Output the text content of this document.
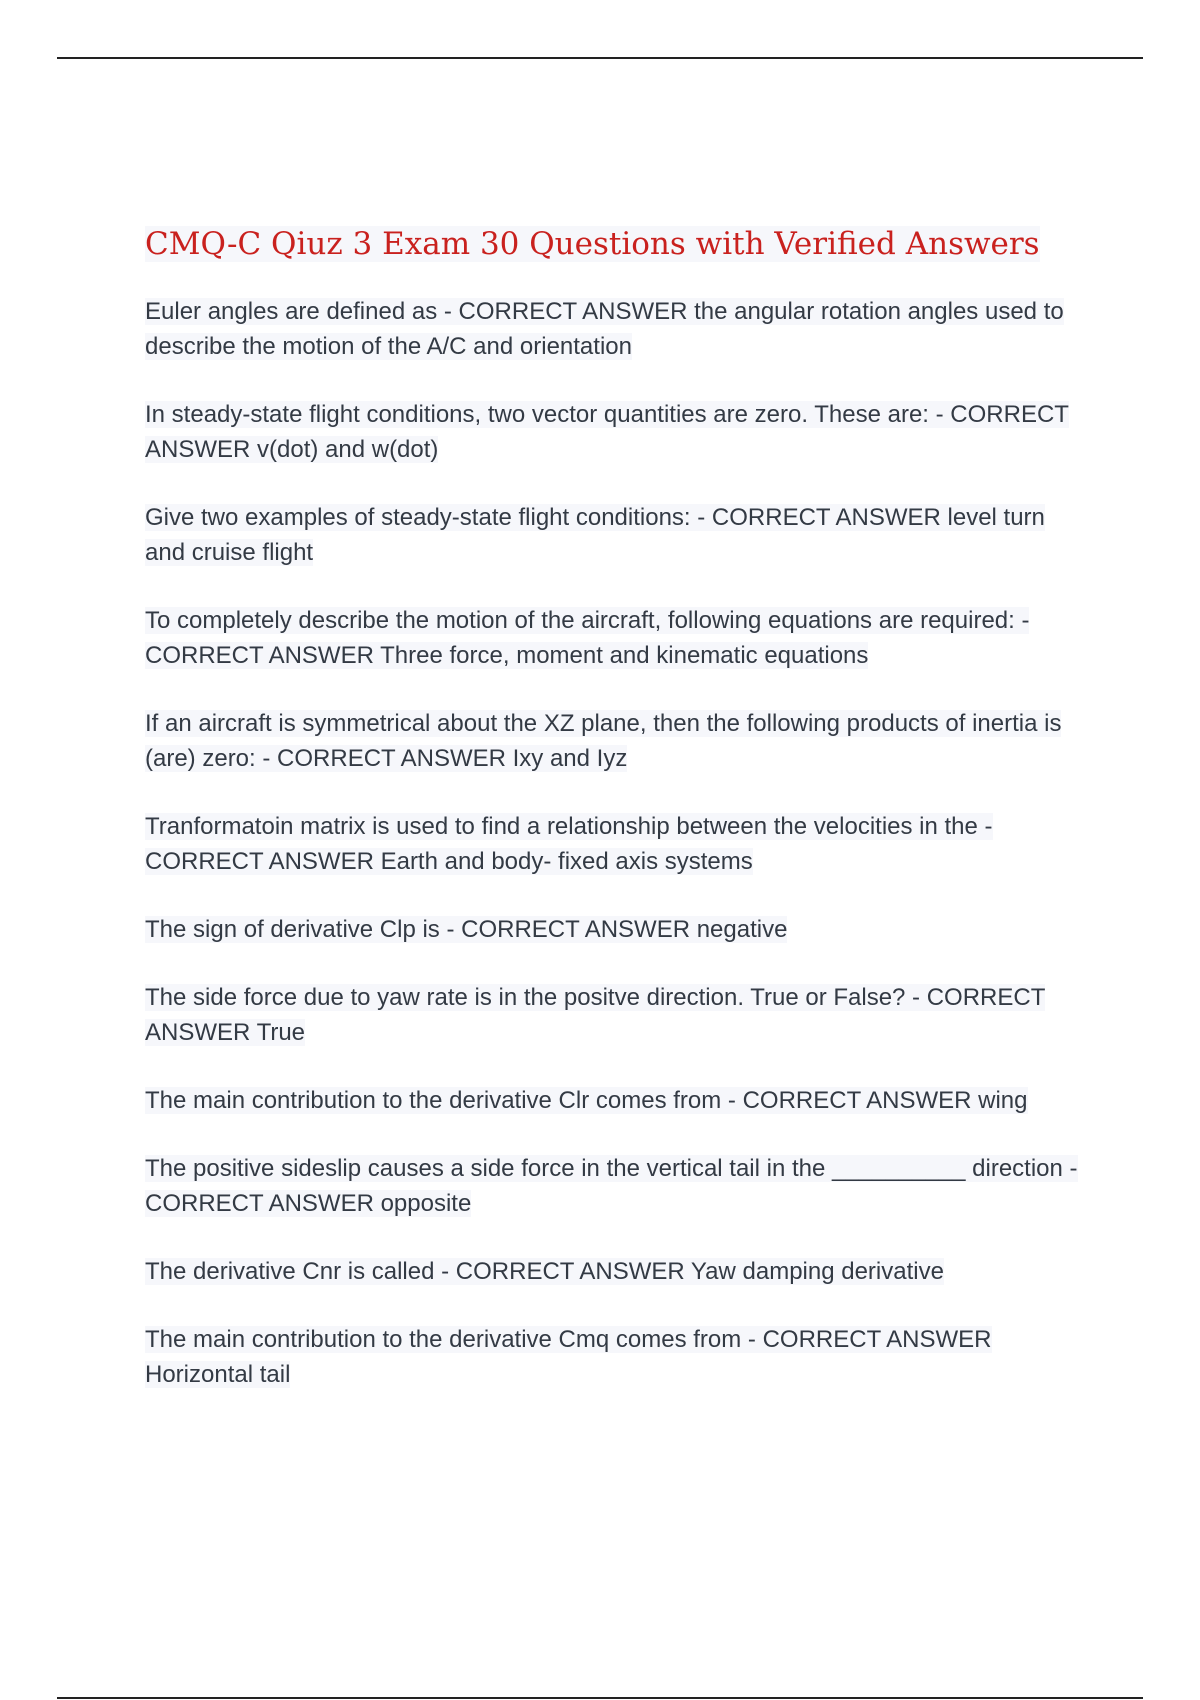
CMQ-C Qiuz 3 Exam 30 Questions with Verified Answers

Euler angles are defined as - CORRECT ANSWER the angular rotation angles used to describe the motion of the A/C and orientation

In steady-state flight conditions, two vector quantities are zero. These are: - CORRECT ANSWER v(dot) and w(dot)

Give two examples of steady-state flight conditions: - CORRECT ANSWER level turn and cruise flight

To completely describe the motion of the aircraft, following equations are required: - CORRECT ANSWER Three force, moment and kinematic equations

If an aircraft is symmetrical about the XZ plane, then the following products of inertia is (are) zero: - CORRECT ANSWER Ixy and Iyz

Tranformatoin matrix is used to find a relationship between the velocities in the - CORRECT ANSWER Earth and body- fixed axis systems

The sign of derivative Clp is - CORRECT ANSWER negative

The side force due to yaw rate is in the positve direction. True or False? - CORRECT ANSWER True

The main contribution to the derivative Clr comes from - CORRECT ANSWER wing

The positive sideslip causes a side force in the vertical tail in the __________ direction - CORRECT ANSWER opposite

The derivative Cnr is called - CORRECT ANSWER Yaw damping derivative

The main contribution to the derivative Cmq comes from - CORRECT ANSWER Horizontal tail
